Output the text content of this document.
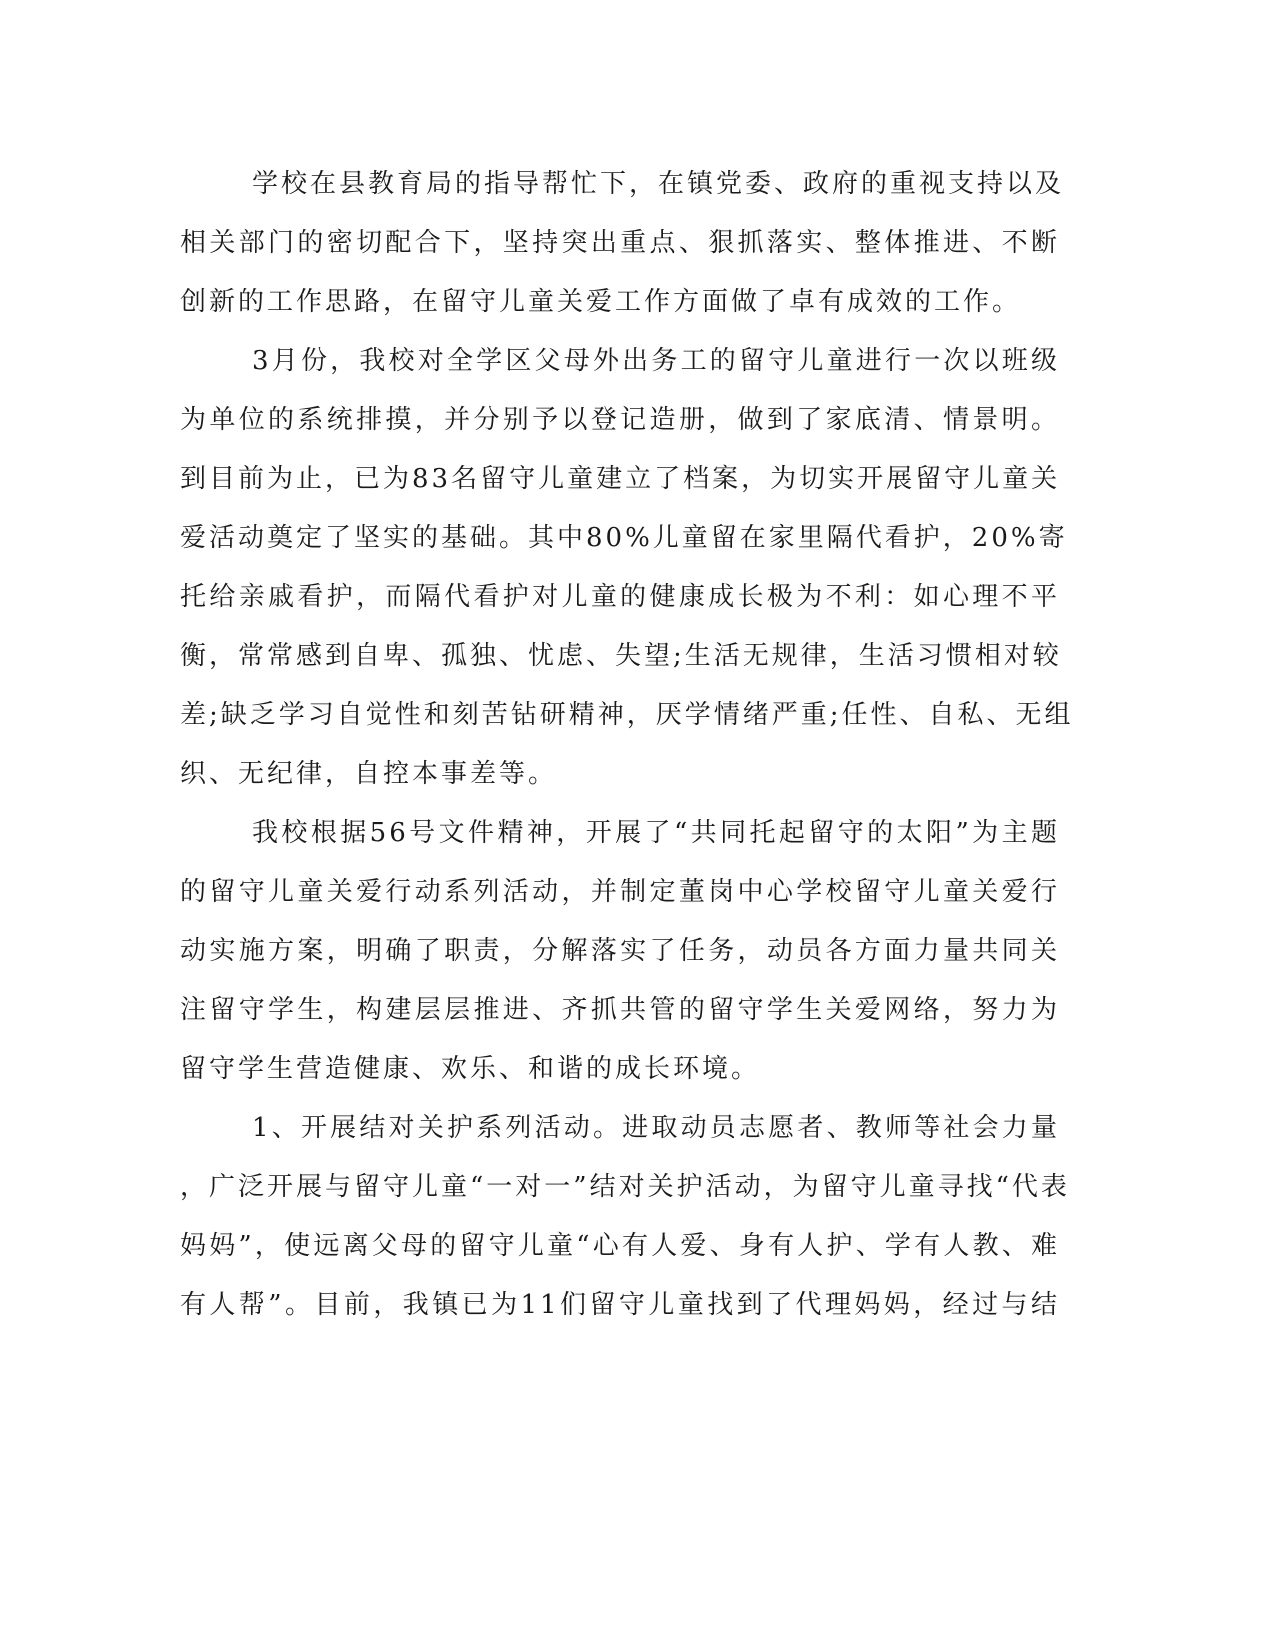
学校在县教育局的指导帮忙下，在镇党委、政府的重视支持以及
相关部门的密切配合下，坚持突出重点、狠抓落实、整体推进、不断
创新的工作思路，在留守儿童关爱工作方面做了卓有成效的工作。
3月份，我校对全学区父母外出务工的留守儿童进行一次以班级
为单位的系统排摸，并分别予以登记造册，做到了家底清、情景明。
到目前为止，已为83名留守儿童建立了档案，为切实开展留守儿童关
爱活动奠定了坚实的基础。其中80%儿童留在家里隔代看护，20%寄
托给亲戚看护，而隔代看护对儿童的健康成长极为不利：如心理不平
衡，常常感到自卑、孤独、忧虑、失望;生活无规律，生活习惯相对较
差;缺乏学习自觉性和刻苦钻研精神，厌学情绪严重;任性、自私、无组
织、无纪律，自控本事差等。
我校根据56号文件精神，开展了“共同托起留守的太阳”为主题
的留守儿童关爱行动系列活动，并制定董岗中心学校留守儿童关爱行
动实施方案，明确了职责，分解落实了任务，动员各方面力量共同关
注留守学生，构建层层推进、齐抓共管的留守学生关爱网络，努力为
留守学生营造健康、欢乐、和谐的成长环境。
1、开展结对关护系列活动。进取动员志愿者、教师等社会力量
，广泛开展与留守儿童“一对一”结对关护活动，为留守儿童寻找“代表
妈妈”，使远离父母的留守儿童“心有人爱、身有人护、学有人教、难
有人帮”。目前，我镇已为11们留守儿童找到了代理妈妈，经过与结
